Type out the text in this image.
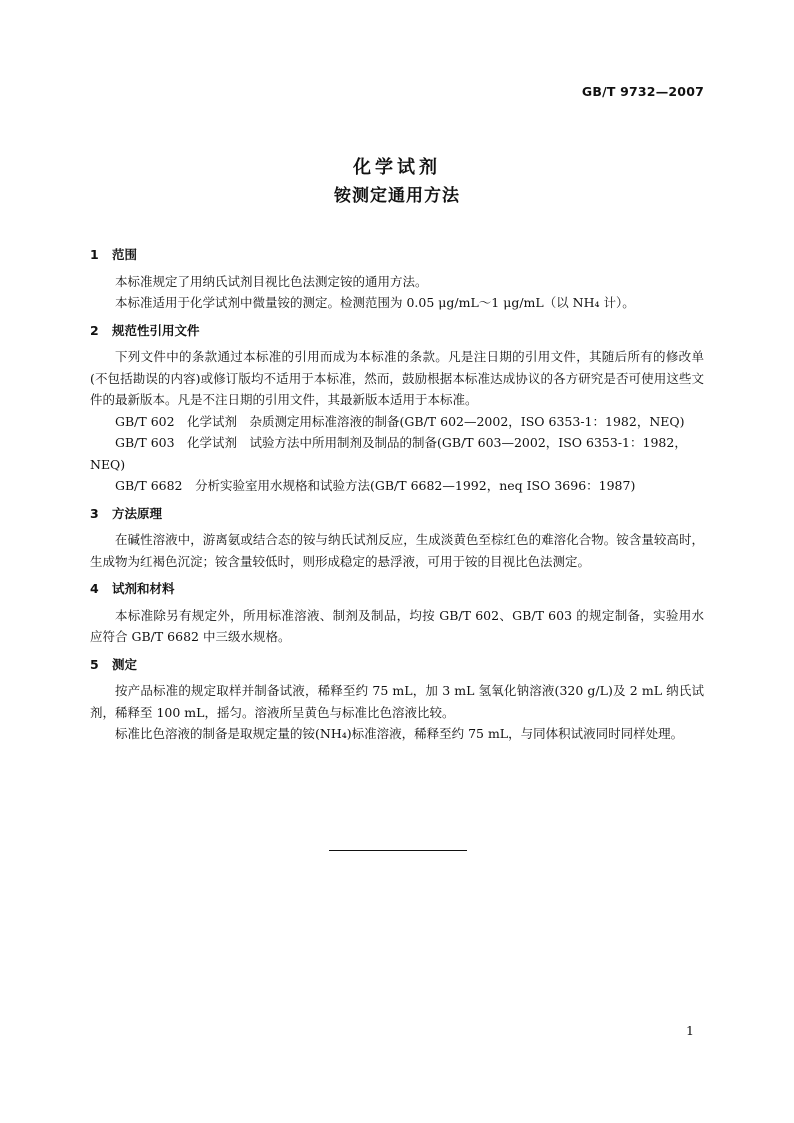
GB/T 9732—2007
化学试剂
铵测定通用方法
1	范围

本标准规定了用纳氏试剂目视比色法测定铵的通用方法。

本标准适用于化学试剂中微量铵的测定。检测范围为 0.05 μg/mL～1 μg/mL（以 NH₄ 计）。

2	规范性引用文件

下列文件中的条款通过本标准的引用而成为本标准的条款。凡是注日期的引用文件，其随后所有的修改单(不包括勘误的内容)或修订版均不适用于本标准，然而，鼓励根据本标准达成协议的各方研究是否可使用这些文件的最新版本。凡是不注日期的引用文件，其最新版本适用于本标准。

GB/T 602　化学试剂　杂质测定用标准溶液的制备(GB/T 602—2002，ISO 6353-1：1982，NEQ)

GB/T 603　化学试剂　试验方法中所用制剂及制品的制备(GB/T 603—2002，ISO 6353-1：1982，NEQ)

GB/T 6682　分析实验室用水规格和试验方法(GB/T 6682—1992，neq ISO 3696：1987)

3	方法原理

在碱性溶液中，游离氨或结合态的铵与纳氏试剂反应，生成淡黄色至棕红色的难溶化合物。铵含量较高时，生成物为红褐色沉淀；铵含量较低时，则形成稳定的悬浮液，可用于铵的目视比色法测定。

4	试剂和材料

本标准除另有规定外，所用标准溶液、制剂及制品，均按 GB/T 602、GB/T 603 的规定制备，实验用水应符合 GB/T 6682 中三级水规格。

5	测定

按产品标准的规定取样并制备试液，稀释至约 75 mL，加 3 mL 氢氧化钠溶液(320 g/L)及 2 mL 纳氏试剂，稀释至 100 mL，摇匀。溶液所呈黄色与标准比色溶液比较。

标准比色溶液的制备是取规定量的铵(NH₄)标准溶液，稀释至约 75 mL，与同体积试液同时同样处理。

1
